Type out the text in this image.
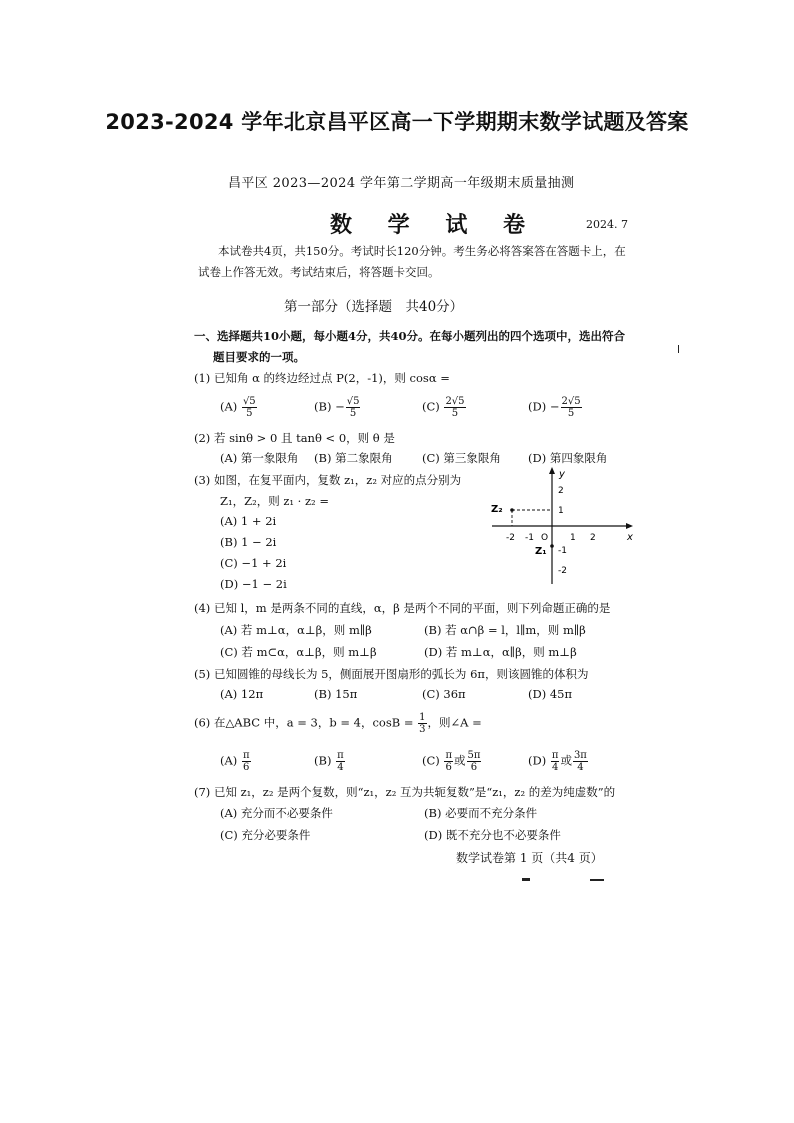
2023-2024 学年北京昌平区高一下学期期末数学试题及答案
昌平区 2023—2024 学年第二学期高一年级期末质量抽测
数 学 试 卷	2024. 7
本试卷共4页，共150分。考试时长120分钟。考生务必将答案答在答题卡上，在
试卷上作答无效。考试结束后，将答题卡交回。
第一部分（选择题　共40分）
一、选择题共10小题，每小题4分，共40分。在每小题列出的四个选项中，选出符合
题目要求的一项。
(1) 已知角 α 的终边经过点 P(2，-1)，则 cosα =
$(A) \frac{√5}{5}$	$(B) - \frac{√5}{5}$	$(C) \frac{2√5}{5}$	$(D) - \frac{2√5}{5}$
(2) 若 sinθ > 0 且 tanθ < 0，则 θ 是
(A) 第一象限角 (B) 第二象限角	(C) 第三象限角 (D) 第四象限角
(3) 如图，在复平面内，复数 z₁，z₂ 对应的点分别为
Z₁，Z₂，则 z₁ · z₂ =
(A) 1 + 2i
(B) 1 − 2i
(C) −1 + 2i
(D) −1 − 2i
y
x
-2 -1 O 1 2
2
1
-1
-2
Z₂
Z₁
(4) 已知 l，m 是两条不同的直线，α，β 是两个不同的平面，则下列命题正确的是
(A) 若 m⊥α，α⊥β，则 m∥β	(B) 若 α∩β = l，l∥m，则 m∥β
(C) 若 m⊂α，α⊥β，则 m⊥β	(D) 若 m⊥α，α∥β，则 m⊥β
(5) 已知圆锥的母线长为 5，侧面展开图扇形的弧长为 6π，则该圆锥的体积为
(A) 12π	(B) 15π	(C) 36π	(D) 45π
(6) 在△ABC 中，a = 3，b = 4，$\cos B = \frac{1}{3}$ ，则∠A =
$(A) \frac{\pi}{6}$	$(B) \frac{\pi}{4}$	$(C) \frac{\pi}{6}$ 或 $\frac{5\pi}{6}$	$(D) \frac{\pi}{4}$ 或 $\frac{3\pi}{4}$
(7) 已知 z₁，z₂ 是两个复数，则“z₁，z₂ 互为共轭复数”是“z₁，z₂ 的差为纯虚数”的
(A) 充分而不必要条件	(B) 必要而不充分条件
(C) 充分必要条件	(D) 既不充分也不必要条件
数学试卷第 1 页（共4 页）
